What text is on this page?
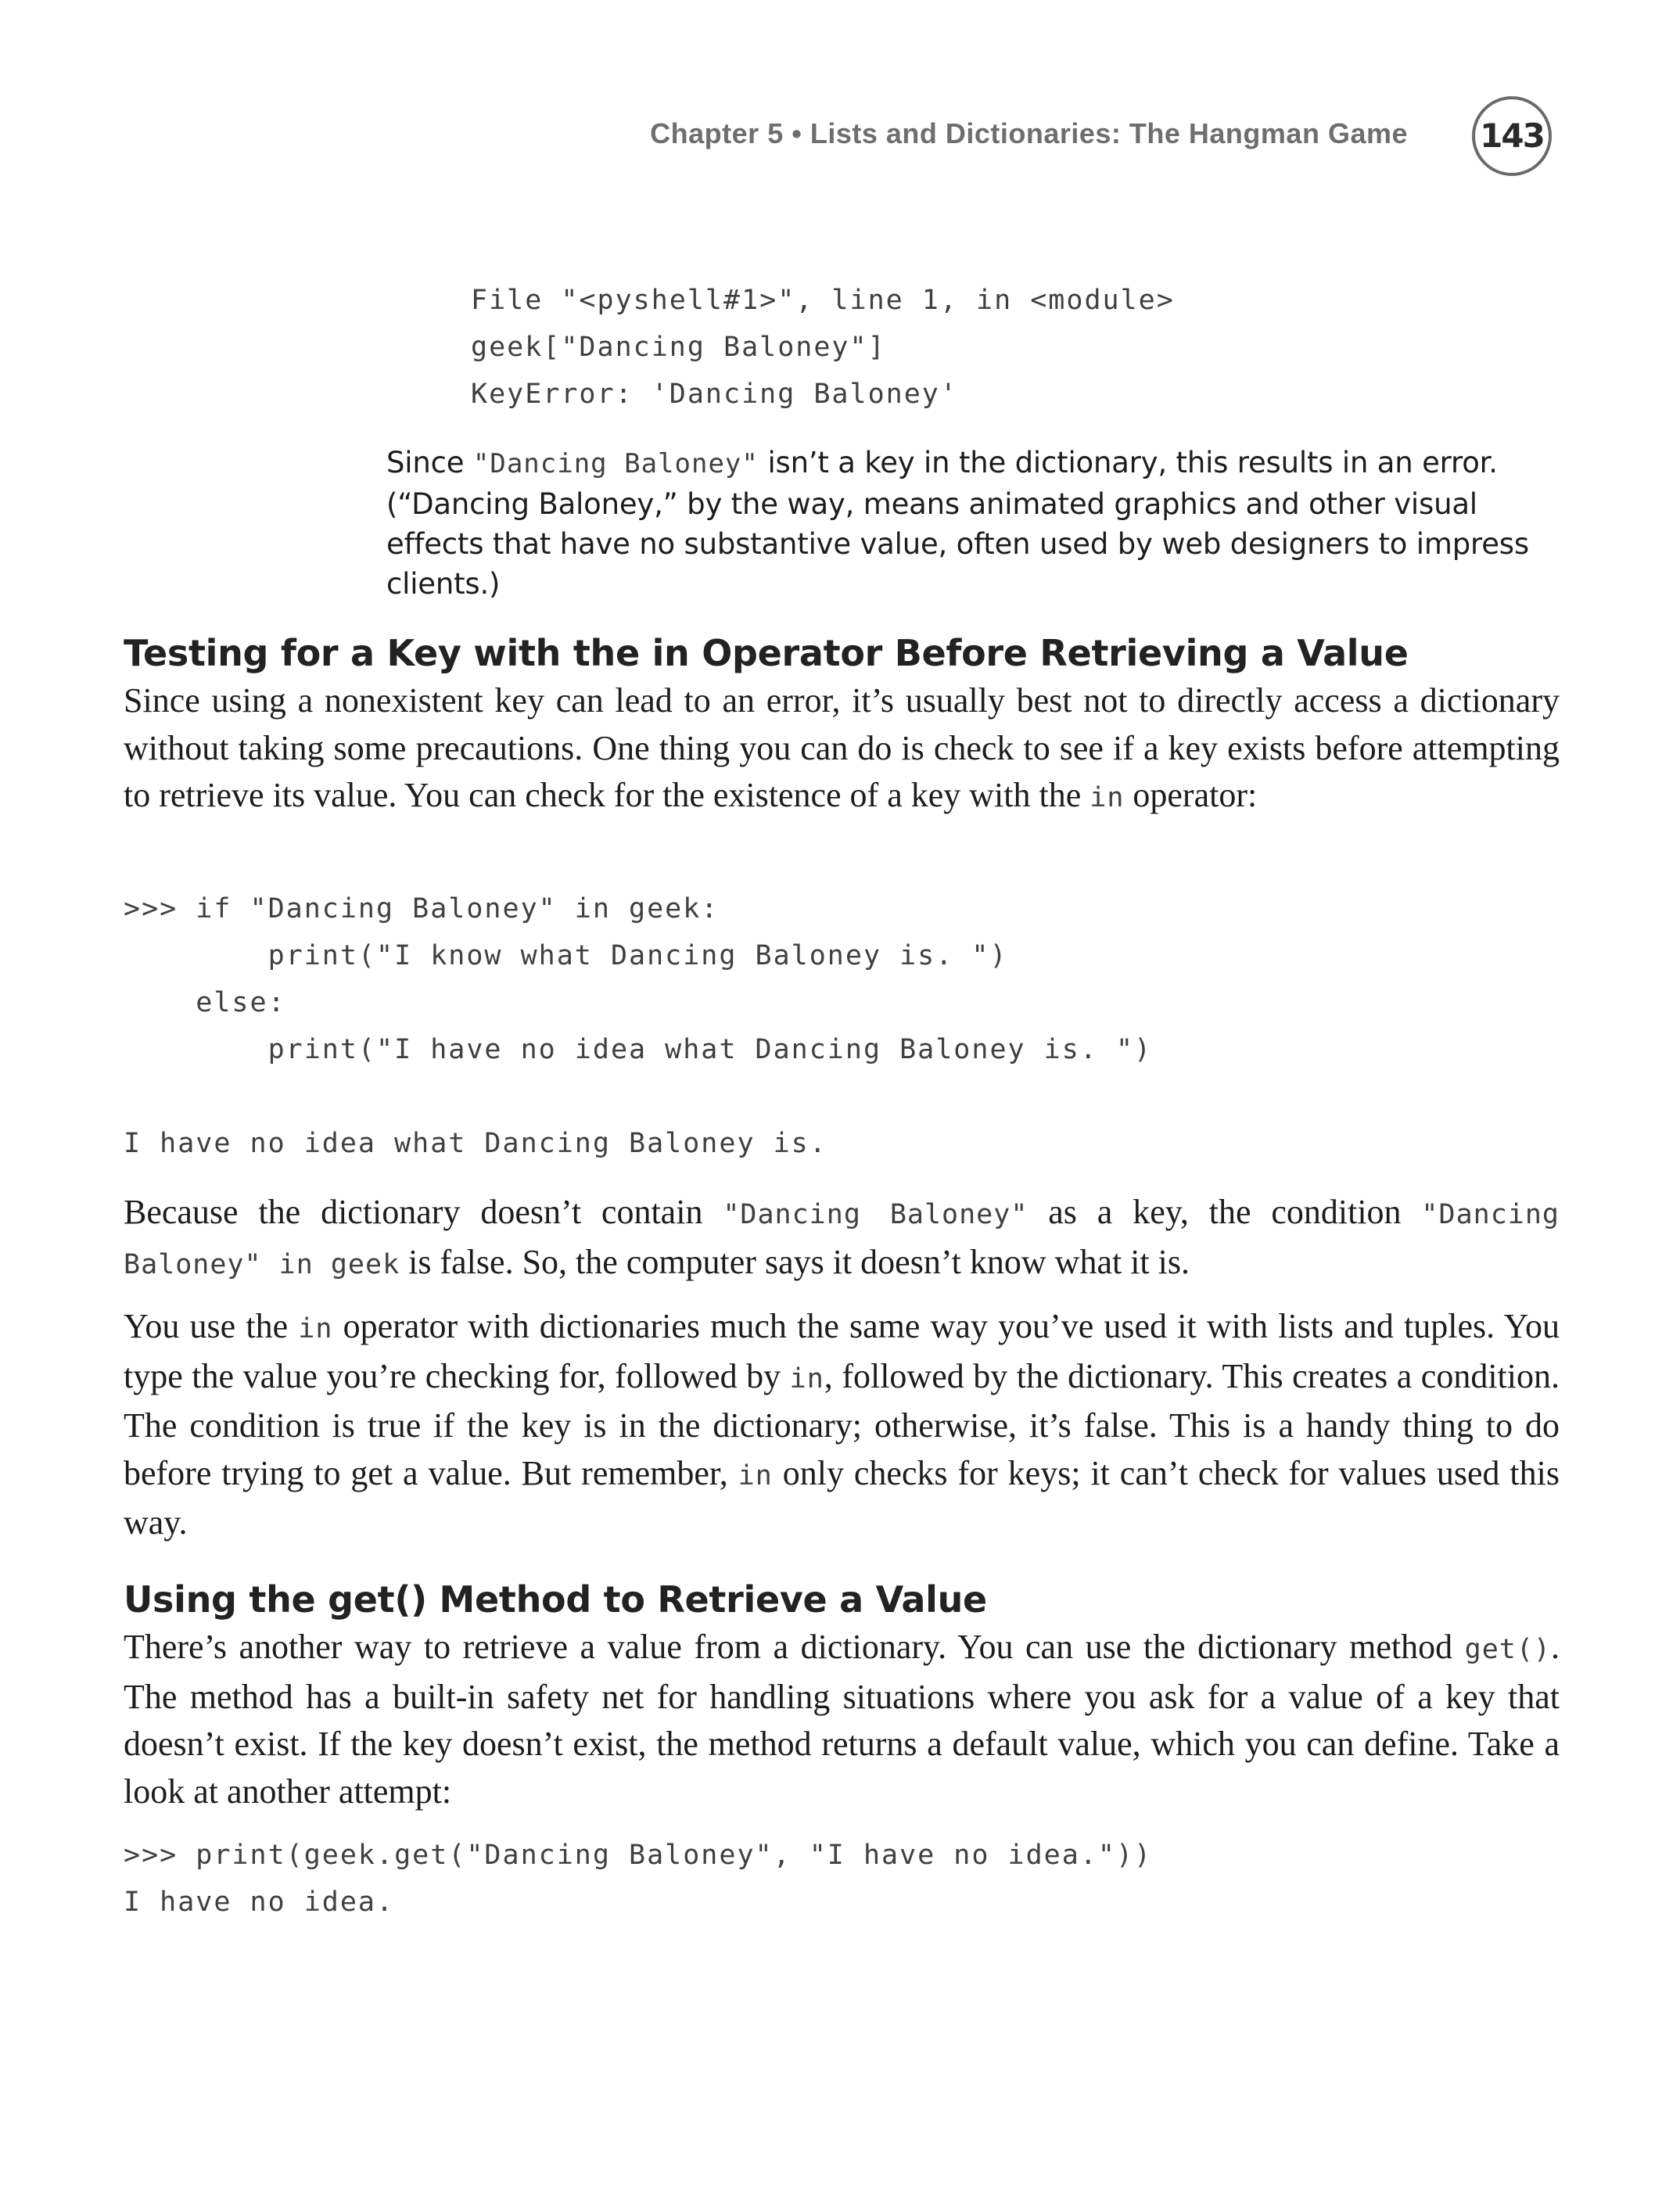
Chapter 5 • Lists and Dictionaries: The Hangman Game 143
File "<pyshell#1>", line 1, in <module>
geek["Dancing Baloney"]
KeyError: 'Dancing Baloney'

Since "Dancing Baloney" isn’t a key in the dictionary, this results in an error. (“Dancing Baloney,” by the way, means animated graphics and other visual effects that have no substantive value, often used by web designers to impress clients.)

Testing for a Key with the in Operator Before Retrieving a Value

Since using a nonexistent key can lead to an error, it’s usually best not to directly access a dictionary without taking some precautions. One thing you can do is check to see if a key exists before attempting to retrieve its value. You can check for the existence of a key with the in operator:

>>> if "Dancing Baloney" in geek:
print("I know what Dancing Baloney is. ")
else:
print("I have no idea what Dancing Baloney is. ")

I have no idea what Dancing Baloney is.

Because the dictionary doesn’t contain "Dancing Baloney" as a key, the condition "Dancing Baloney" in geek is false. So, the computer says it doesn’t know what it is.

You use the in operator with dictionaries much the same way you’ve used it with lists and tuples. You type the value you’re checking for, followed by in, followed by the dictionary. This creates a condition. The condition is true if the key is in the dictionary; otherwise, it’s false. This is a handy thing to do before trying to get a value. But remember, in only checks for keys; it can’t check for values used this way.

Using the get() Method to Retrieve a Value

There’s another way to retrieve a value from a dictionary. You can use the dictionary method get(). The method has a built-in safety net for handling situations where you ask for a value of a key that doesn’t exist. If the key doesn’t exist, the method returns a default value, which you can define. Take a look at another attempt:

>>> print(geek.get("Dancing Baloney", "I have no idea."))
I have no idea.
